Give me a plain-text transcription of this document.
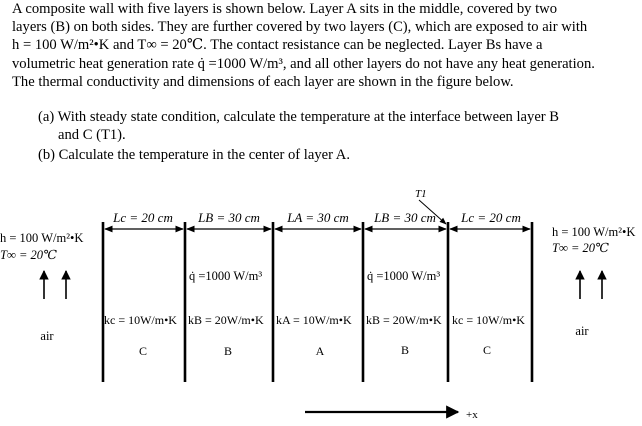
A composite wall with five layers is shown below. Layer A sits in the middle, covered by two

layers (B) on both sides. They are further covered by two layers (C), which are exposed to air with

h = 100 W/m²•K and T∞ = 20℃. The contact resistance can be neglected. Layer Bs have a

volumetric heat generation rate q̇ =1000 W/m³, and all other layers do not have any heat generation.

The thermal conductivity and dimensions of each layer are shown in the figure below.

(a) With steady state condition, calculate the temperature at the interface between layer B
and C (T1).
(b) Calculate the temperature in the center of layer A.
T1
Lc = 20 cm LB = 30 cm LA = 30 cm LB = 30 cm Lc = 20 cm
h = 100 W/m²•K
T∞ = 20℃
air
h = 100 W/m²•K
T∞ = 20℃
air
q̇ =1000 W/m³	q̇ =1000 W/m³
kc = 10W/m•K kB = 20W/m•K kA = 10W/m•K kB = 20W/m•K kc = 10W/m•K
C	B	A	B	C
+x
